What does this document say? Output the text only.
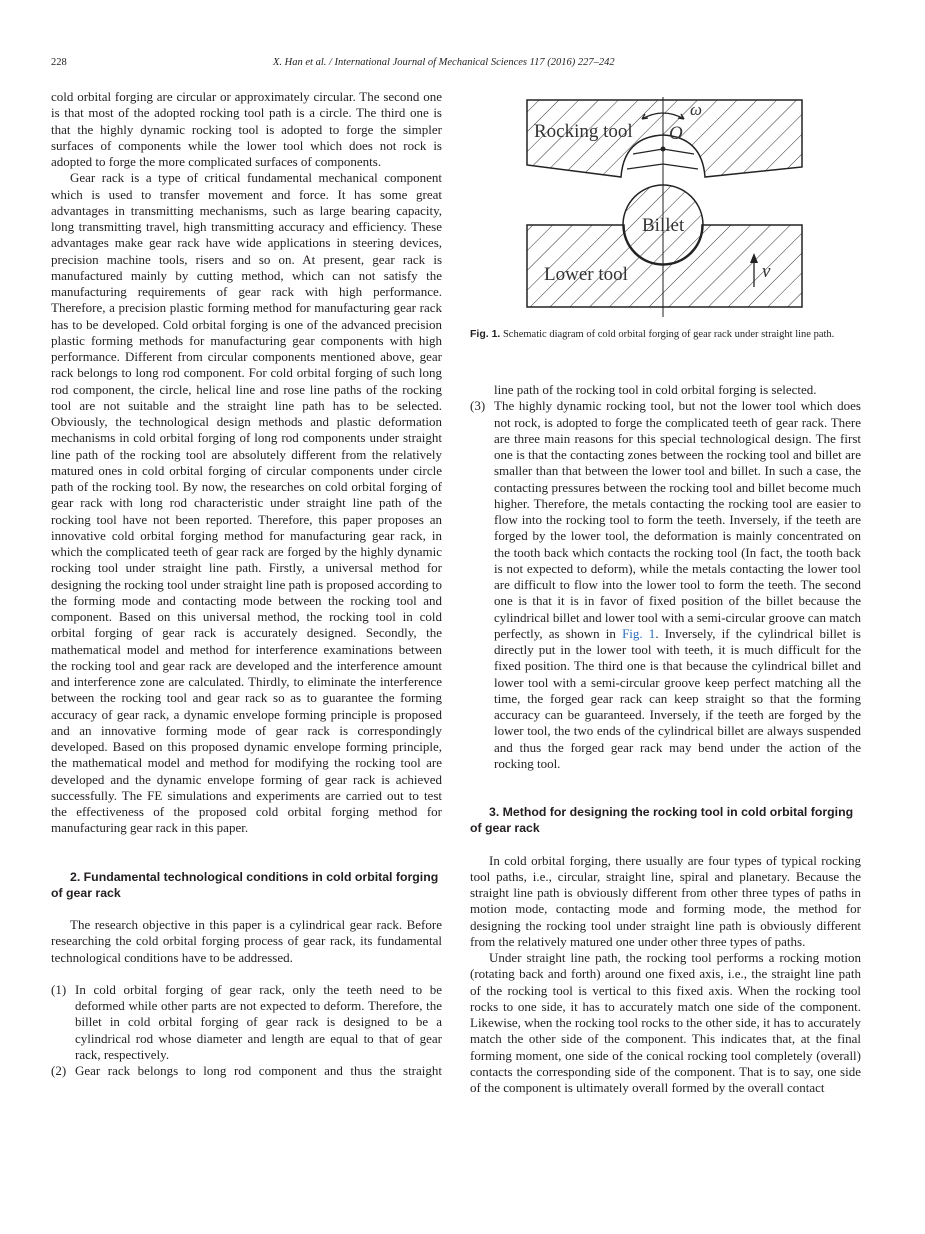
228	X. Han et al. / International Journal of Mechanical Sciences 117 (2016) 227–242

cold orbital forging are circular or approximately circular. The second one is that most of the adopted rocking tool path is a circle. The third one is that the highly dynamic rocking tool is adopted to forge the simpler surfaces of components while the lower tool which does not rock is adopted to forge the more complicated surfaces of components.

Gear rack is a type of critical fundamental mechanical component which is used to transfer movement and force. It has some great advantages in transmitting mechanisms, such as large bearing capacity, long transmitting travel, high transmitting accuracy and efficiency. These advantages make gear rack have wide applications in steering devices, precision machine tools, risers and so on. At present, gear rack is manufactured mainly by cutting method, which can not satisfy the manufacturing requirements of gear rack with high performance. Therefore, a precision plastic forming method for manufacturing gear rack has to be developed. Cold orbital forging is one of the advanced precision plastic forming methods for manufacturing gear components with high performance. Different from circular components mentioned above, gear rack belongs to long rod component. For cold orbital forging of such long rod component, the circle, helical line and rose line paths of the rocking tool are not suitable and the straight line path has to be selected. Obviously, the technological design methods and plastic deformation mechanisms in cold orbital forging of long rod components under straight line path of the rocking tool are absolutely different from the relatively matured ones in cold orbital forging of circular components under circle path of the rocking tool. By now, the researches on cold orbital forging of gear rack with long rod characteristic under straight line path of the rocking tool have not been reported. Therefore, this paper proposes an innovative cold orbital forging method for manufacturing gear rack, in which the complicated teeth of gear rack are forged by the highly dynamic rocking tool under straight line path. Firstly, a universal method for designing the rocking tool under straight line path is proposed according to the forming mode and contacting mode between the rocking tool and component. Based on this universal method, the rocking tool in cold orbital forging of gear rack is accurately designed. Secondly, the mathematical model and method for interference examinations between the rocking tool and gear rack are developed and the interference amount and interference zone are calculated. Thirdly, to eliminate the interference between the rocking tool and gear rack so as to guarantee the forming accuracy of gear rack, a dynamic envelope forming principle is proposed and an innovative forming mode of gear rack is correspondingly developed. Based on this proposed dynamic envelope forming principle, the mathematical model and method for modifying the rocking tool are developed and the dynamic envelope forming of gear rack is achieved successfully. The FE simulations and experiments are carried out to test the effectiveness of the proposed cold orbital forging method for manufacturing gear rack in this paper.

2. Fundamental technological conditions in cold orbital forging of gear rack

The research objective in this paper is a cylindrical gear rack. Before researching the cold orbital forging process of gear rack, its fundamental technological conditions have to be addressed.

(1) In cold orbital forging of gear rack, only the teeth need to be deformed while other parts are not expected to deform. Therefore, the billet in cold orbital forging of gear rack is designed to be a cylindrical rod whose diameter and length are equal to that of gear rack, respectively.
(2) Gear rack belongs to long rod component and thus the straight
Rocking tool
Billet
Lower tool
ω
O
v
Fig. 1. Schematic diagram of cold orbital forging of gear rack under straight line path.
line path of the rocking tool in cold orbital forging is selected.
(3) The highly dynamic rocking tool, but not the lower tool which does not rock, is adopted to forge the complicated teeth of gear rack. There are three main reasons for this special technological design. The first one is that the contacting zones between the rocking tool and billet are smaller than that between the lower tool and billet. In such a case, the contacting pressures between the rocking tool and billet become much higher. Therefore, the metals contacting the rocking tool are easier to flow into the rocking tool to form the teeth. Inversely, if the teeth are forged by the lower tool, the deformation is mainly concentrated on the tooth back which contacts the rocking tool (In fact, the tooth back is not expected to deform), while the metals contacting the lower tool are difficult to flow into the lower tool to form the teeth. The second one is that it is in favor of fixed position of the billet because the cylindrical billet and lower tool with a semi-circular groove can match perfectly, as shown in Fig. 1. Inversely, if the cylindrical billet is directly put in the lower tool with teeth, it is much difficult for the fixed position. The third one is that because the cylindrical billet and lower tool with a semi-circular groove keep perfect matching all the time, the forged gear rack can keep straight so that the forming accuracy can be guaranteed. Inversely, if the teeth are forged by the lower tool, the two ends of the cylindrical billet are always suspended and thus the forged gear rack may bend under the action of the rocking tool.

3. Method for designing the rocking tool in cold orbital forging of gear rack

In cold orbital forging, there usually are four types of typical rocking tool paths, i.e., circular, straight line, spiral and planetary. Because the straight line path is obviously different from other three types of paths in motion mode, contacting mode and forming mode, the method for designing the rocking tool under straight line path is obviously different from the relatively matured one under other three types of paths.

Under straight line path, the rocking tool performs a rocking motion (rotating back and forth) around one fixed axis, i.e., the straight line path of the rocking tool is vertical to this fixed axis. When the rocking tool rocks to one side, it has to accurately match one side of the component. Likewise, when the rocking tool rocks to the other side, it has to accurately match the other side of the component. This indicates that, at the final forming moment, one side of the conical rocking tool completely (overall) contacts the corresponding side of the component. That is to say, one side of the component is ultimately overall formed by the overall contact
